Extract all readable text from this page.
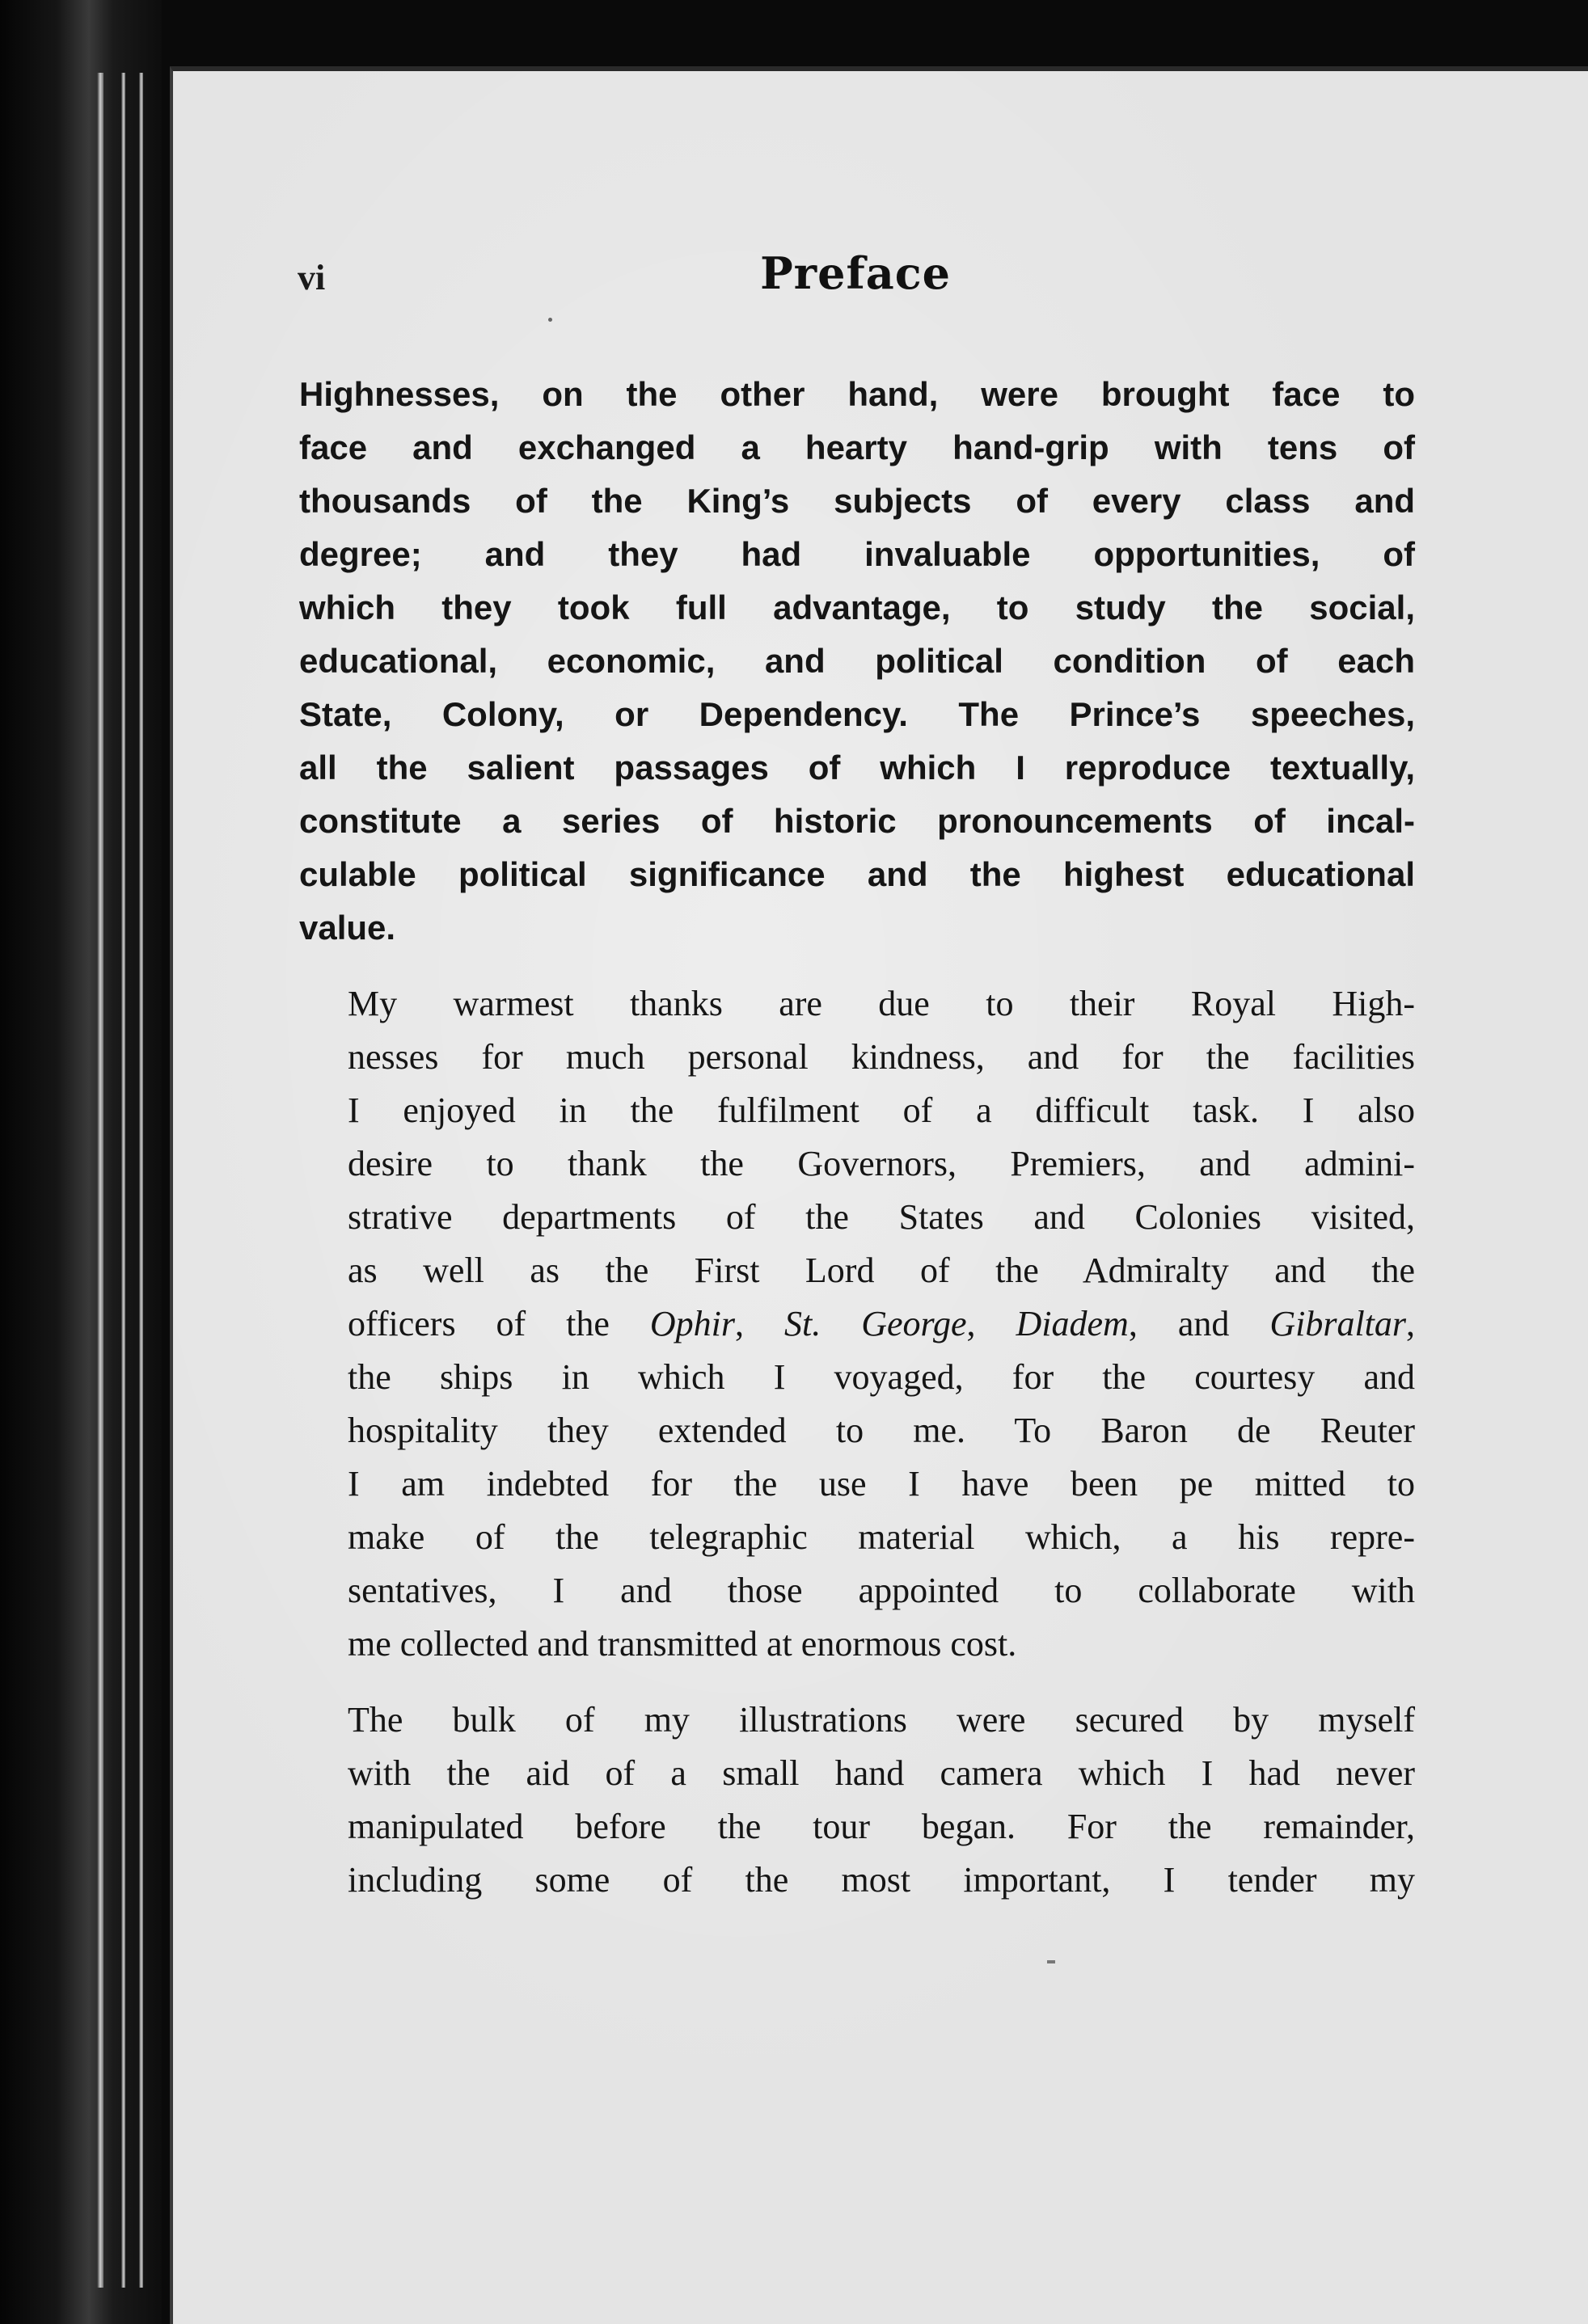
vi	Preface

Highnesses, on the other hand, were brought face to
face and exchanged a hearty hand-grip with tens of
thousands of the King’s subjects of every class and
degree; and they had invaluable opportunities, of
which they took full advantage, to study the social,
educational, economic, and political condition of each
State, Colony, or Dependency. The Prince’s speeches,
all the salient passages of which I reproduce textually,
constitute a series of historic pronouncements of incal-
culable political significance and the highest educational
value.

My warmest thanks are due to their Royal High-
nesses for much personal kindness, and for the facilities
I enjoyed in the fulfilment of a difficult task. I also
desire to thank the Governors, Premiers, and admini-
strative departments of the States and Colonies visited,
as well as the First Lord of the Admiralty and the
officers of the Ophir, St. George, Diadem, and Gibraltar,
the ships in which I voyaged, for the courtesy and
hospitality they extended to me. To Baron de Reuter
I am indebted for the use I have been pe mitted to
make of the telegraphic material which, a his repre-
sentatives, I and those appointed to collaborate with
me collected and transmitted at enormous cost.

The bulk of my illustrations were secured by myself
with the aid of a small hand camera which I had never
manipulated before the tour began. For the remainder,
including some of the most important, I tender my
